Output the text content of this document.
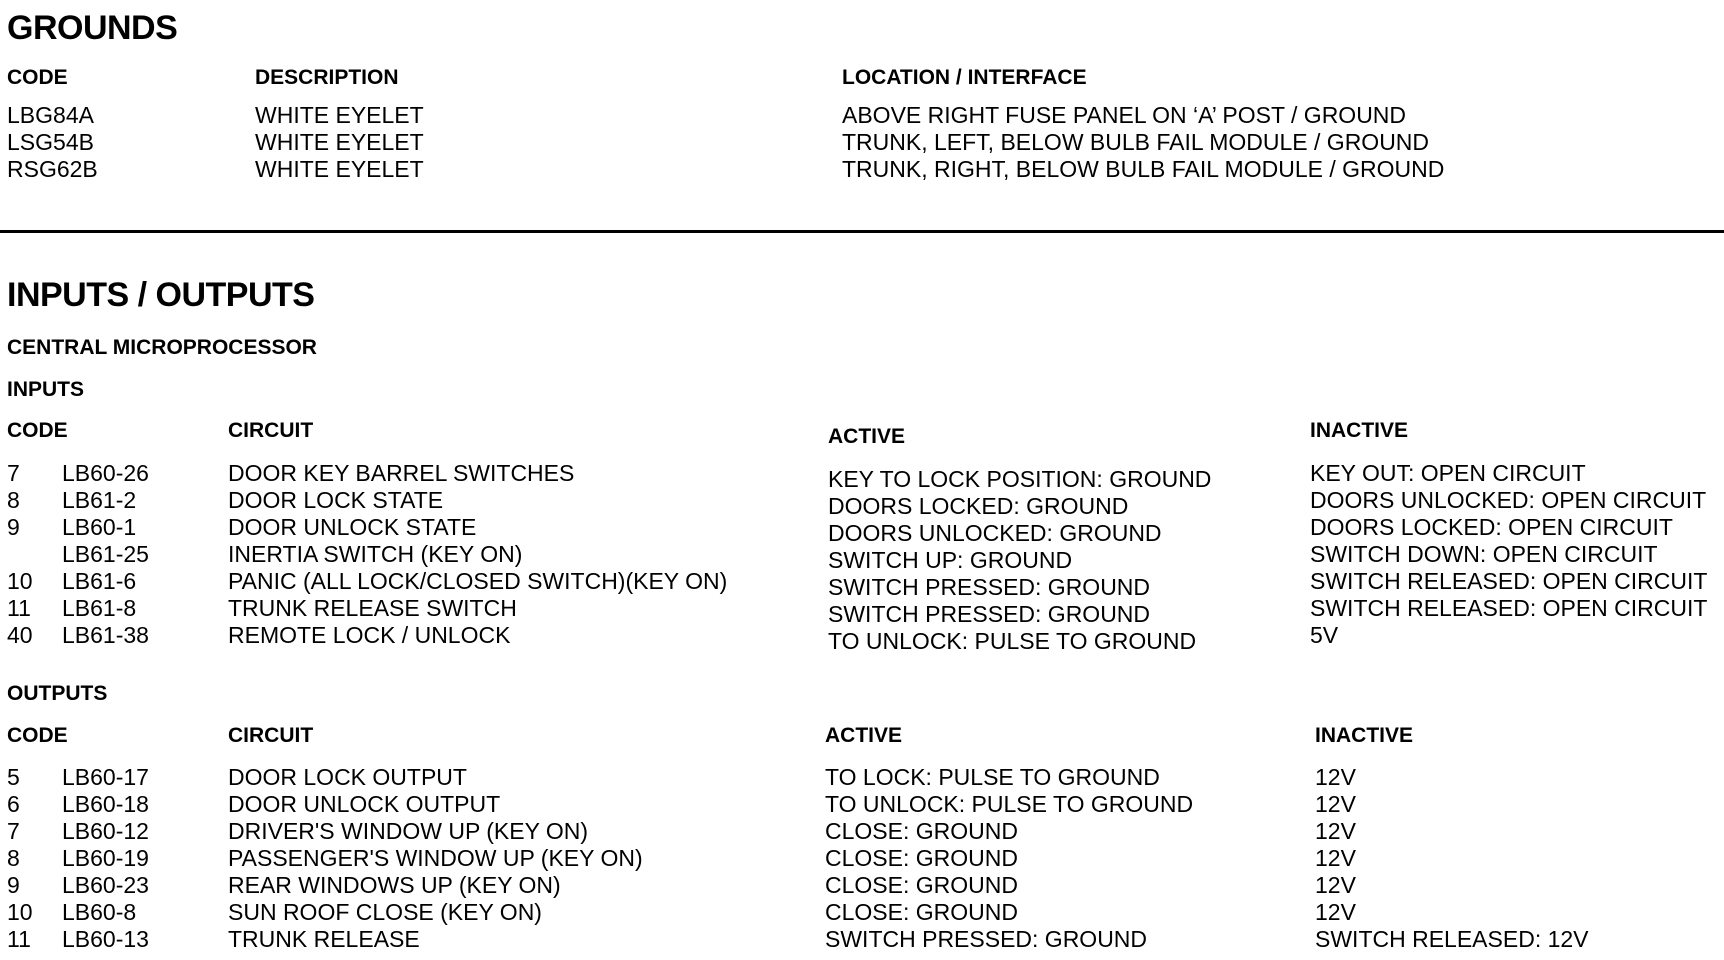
GROUNDS
CODE	DESCRIPTION	LOCATION / INTERFACE
LBG84A	WHITE EYELET	ABOVE RIGHT FUSE PANEL ON ‘A’ POST / GROUND
LSG54B	WHITE EYELET	TRUNK, LEFT, BELOW BULB FAIL MODULE / GROUND
RSG62B	WHITE EYELET	TRUNK, RIGHT, BELOW BULB FAIL MODULE / GROUND
INPUTS / OUTPUTS
CENTRAL MICROPROCESSOR
INPUTS
CODE	CIRCUIT	ACTIVE	INACTIVE
7 LB60-26	DOOR KEY BARREL SWITCHES	KEY TO LOCK POSITION: GROUND	KEY OUT: OPEN CIRCUIT
8 LB61-2	DOOR LOCK STATE	DOORS LOCKED: GROUND	DOORS UNLOCKED: OPEN CIRCUIT
9 LB60-1	DOOR UNLOCK STATE	DOORS UNLOCKED: GROUND	DOORS LOCKED: OPEN CIRCUIT
LB61-25	INERTIA SWITCH (KEY ON)	SWITCH UP: GROUND	SWITCH DOWN: OPEN CIRCUIT
10 LB61-6	PANIC (ALL LOCK/CLOSED SWITCH)(KEY ON)	SWITCH PRESSED: GROUND	SWITCH RELEASED: OPEN CIRCUIT
11 LB61-8	TRUNK RELEASE SWITCH	SWITCH PRESSED: GROUND	SWITCH RELEASED: OPEN CIRCUIT
40 LB61-38	REMOTE LOCK / UNLOCK	TO UNLOCK: PULSE TO GROUND	5V
OUTPUTS
CODE	CIRCUIT	ACTIVE	INACTIVE
5 LB60-17	DOOR LOCK OUTPUT	TO LOCK: PULSE TO GROUND	12V
6 LB60-18	DOOR UNLOCK OUTPUT	TO UNLOCK: PULSE TO GROUND	12V
7 LB60-12	DRIVER'S WINDOW UP (KEY ON)	CLOSE: GROUND	12V
8 LB60-19	PASSENGER'S WINDOW UP (KEY ON)	CLOSE: GROUND	12V
9 LB60-23	REAR WINDOWS UP (KEY ON)	CLOSE: GROUND	12V
10 LB60-8	SUN ROOF CLOSE (KEY ON)	CLOSE: GROUND	12V
11 LB60-13	TRUNK RELEASE	SWITCH PRESSED: GROUND	SWITCH RELEASED: 12V
